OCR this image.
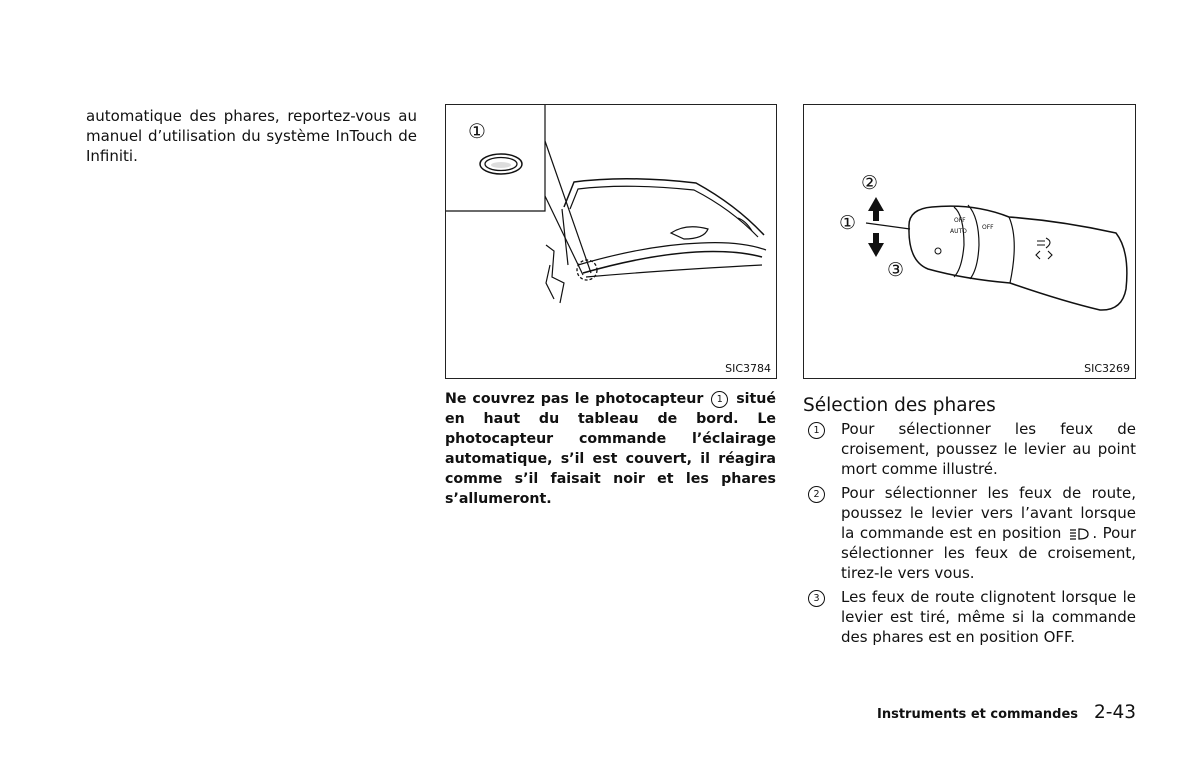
automatique des phares, reportez-vous au manuel d’utilisation du système InTouch de Infiniti.
①
SIC3784
OFF
AUTO
OFF
①
②
③
SIC3269
Ne couvrez pas le photocapteur 1 situé en haut du tableau de bord. Le photocapteur commande l’éclairage automatique, s’il est couvert, il réagira comme s’il faisait noir et les phares s’allumeront.
Sélection des phares
1	Pour sélectionner les feux de croisement, poussez le levier au point mort comme illustré.
2	Pour sélectionner les feux de route, poussez le levier vers l’avant lorsque la commande est en position . Pour sélectionner les feux de croisement, tirez-le vers vous.
3	Les feux de route clignotent lorsque le levier est tiré, même si la commande des phares est en position OFF.
Instruments et commandes 2-43
